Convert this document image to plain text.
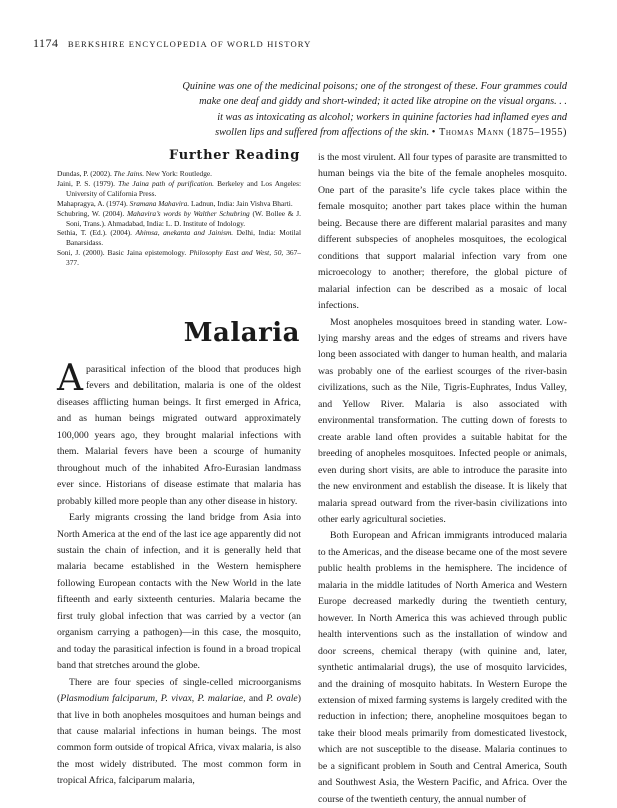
1174 BERKSHIRE ENCYCLOPEDIA OF WORLD HISTORY
Quinine was one of the medicinal poisons; one of the strongest of these. Four grammes could
make one deaf and giddy and short-winded; it acted like atropine on the visual organs. . .
it was as intoxicating as alcohol; workers in quinine factories had inflamed eyes and
swollen lips and suffered from affections of the skin. • Thomas Mann (1875–1955)
Further Reading
Dundas, P. (2002). The Jains. New York: Routledge.
Jaini, P. S. (1979). The Jaina path of purification. Berkeley and Los Angeles: University of California Press.
Mahapragya, A. (1974). Sramana Mahavira. Ladnun, India: Jain Vishva Bharti.
Schubring, W. (2004). Mahavira’s words by Walther Schubring (W. Bollee & J. Soni, Trans.). Ahmadabad, India: L. D. Institute of Indology.
Sethia, T. (Ed.). (2004). Ahimsa, anekanta and Jainism. Delhi, India: Motilal Banarsidass.
Soni, J. (2000). Basic Jaina epistemology. Philosophy East and West, 50, 367–377.
Malaria

A parasitical infection of the blood that produces high fevers and debilitation, malaria is one of the oldest diseases afflicting human beings. It first emerged in Africa, and as human beings migrated outward approximately 100,000 years ago, they brought malarial infections with them. Malarial fevers have been a scourge of humanity throughout much of the inhabited Afro-Eurasian landmass ever since. Historians of disease estimate that malaria has probably killed more people than any other disease in history.

Early migrants crossing the land bridge from Asia into North America at the end of the last ice age apparently did not sustain the chain of infection, and it is generally held that malaria became established in the Western hemisphere following European contacts with the New World in the late fifteenth and early sixteenth centuries. Malaria became the first truly global infection that was carried by a vector (an organism carrying a pathogen)—in this case, the mosquito, and today the parasitical infection is found in a broad tropical band that stretches around the globe.

There are four species of single-celled microorganisms (Plasmodium falciparum, P. vivax, P. malariae, and P. ovale) that live in both anopheles mosquitoes and human beings and that cause malarial infections in human beings. The most common form outside of tropical Africa, vivax malaria, is also the most widely distributed. The most common form in tropical Africa, falciparum malaria,

is the most virulent. All four types of parasite are transmitted to human beings via the bite of the female anopheles mosquito. One part of the parasite’s life cycle takes place within the female mosquito; another part takes place within the human being. Because there are different malarial parasites and many different subspecies of anopheles mosquitoes, the ecological conditions that support malarial infection vary from one microecology to another; therefore, the global picture of malarial infection can be described as a mosaic of local infections.

Most anopheles mosquitoes breed in standing water. Low-lying marshy areas and the edges of streams and rivers have long been associated with danger to human health, and malaria was probably one of the earliest scourges of the river-basin civilizations, such as the Nile, Tigris-Euphrates, Indus Valley, and Yellow River. Malaria is also associated with environmental transformation. The cutting down of forests to create arable land often provides a suitable habitat for the breeding of anopheles mosquitoes. Infected people or animals, even during short visits, are able to introduce the parasite into the new environment and establish the disease. It is likely that malaria spread outward from the river-basin civilizations into other early agricultural societies.

Both European and African immigrants introduced malaria to the Americas, and the disease became one of the most severe public health problems in the hemisphere. The incidence of malaria in the middle latitudes of North America and Western Europe decreased markedly during the twentieth century, however. In North America this was achieved through public health interventions such as the installation of window and door screens, chemical therapy (with quinine and, later, synthetic antimalarial drugs), the use of mosquito larvicides, and the draining of mosquito habitats. In Western Europe the extension of mixed farming systems is largely credited with the reduction in infection; there, anopheline mosquitoes began to take their blood meals primarily from domesticated livestock, which are not susceptible to the disease. Malaria continues to be a significant problem in South and Central America, South and Southwest Asia, the Western Pacific, and Africa. Over the course of the twentieth century, the annual number of
